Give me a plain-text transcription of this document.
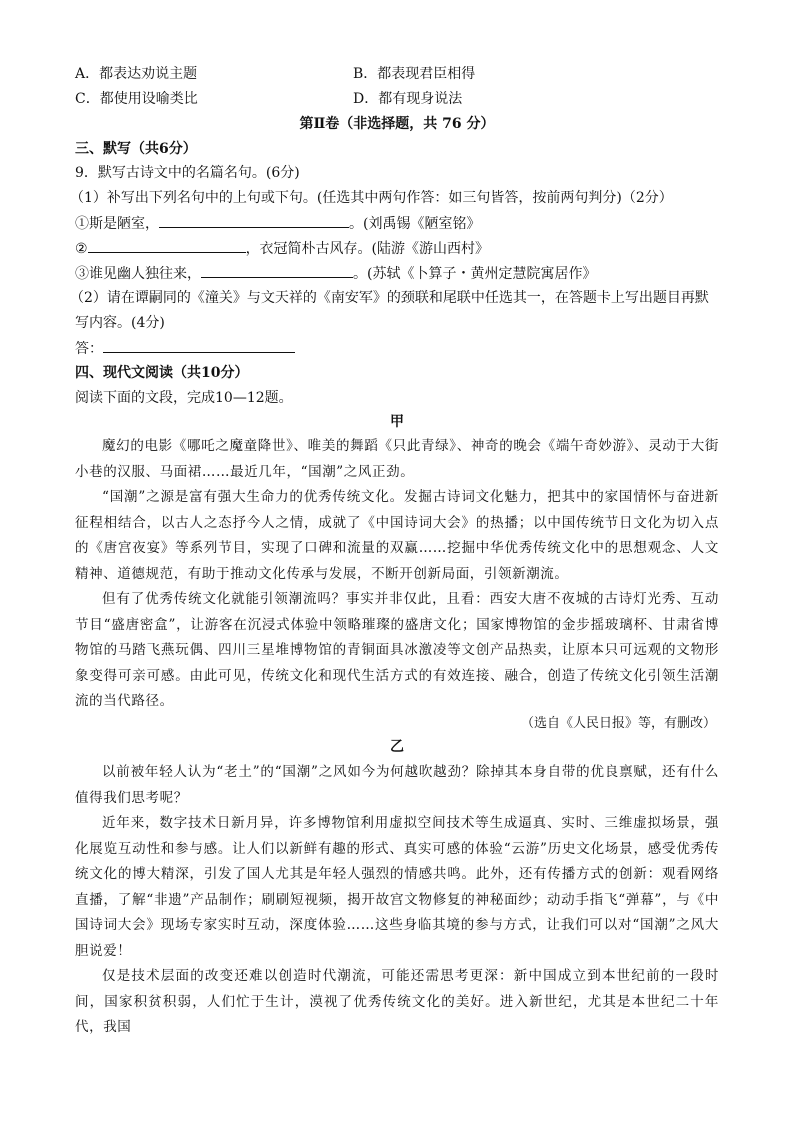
A．都表达劝说主题	B．都表现君臣相得
C．都使用设喻类比	D．都有现身说法
第Ⅱ卷（非选择题，共 76 分）
三、默写（共6分）
9．默写古诗文中的名篇名句。(6分)
（1）补写出下列名句中的上句或下句。(任选其中两句作答：如三句皆答，按前两句判分)（2分）
①斯是陋室，	。(刘禹锡《陋室铭》
②	，衣冠简朴古风存。(陆游《游山西村》
③谁见幽人独往来，	。(苏轼《卜算子・黄州定慧院寓居作》
（2）请在谭嗣同的《潼关》与文天祥的《南安军》的颈联和尾联中任选其一，在答题卡上写出题目再默
写内容。(4分)
答：
四、现代文阅读（共10分）
阅读下面的文段，完成10—12题。
甲
魔幻的电影《哪吒之魔童降世》、唯美的舞蹈《只此青绿》、神奇的晚会《端午奇妙游》、灵动于大街小巷的汉服、马面裙……最近几年，“国潮”之风正劲。
“国潮”之源是富有强大生命力的优秀传统文化。发掘古诗词文化魅力，把其中的家国情怀与奋进新征程相结合，以古人之态抒今人之情，成就了《中国诗词大会》的热播；以中国传统节日文化为切入点的《唐宫夜宴》等系列节目，实现了口碑和流量的双赢……挖掘中华优秀传统文化中的思想观念、人文精神、道德规范，有助于推动文化传承与发展，不断开创新局面，引领新潮流。
但有了优秀传统文化就能引领潮流吗？事实并非仅此，且看：西安大唐不夜城的古诗灯光秀、互动节目“盛唐密盒”，让游客在沉浸式体验中领略璀璨的盛唐文化；国家博物馆的金步摇玻璃杯、甘肃省博物馆的马踏飞燕玩偶、四川三星堆博物馆的青铜面具冰激凌等文创产品热卖，让原本只可远观的文物形象变得可亲可感。由此可见，传统文化和现代生活方式的有效连接、融合，创造了传统文化引领生活潮流的当代路径。
（选自《人民日报》等，有删改）
乙
以前被年轻人认为“老土”的“国潮”之风如今为何越吹越劲？除掉其本身自带的优良禀赋，还有什么值得我们思考呢？
近年来，数字技术日新月异，许多博物馆利用虚拟空间技术等生成逼真、实时、三维虚拟场景，强化展览互动性和参与感。让人们以新鲜有趣的形式、真实可感的体验“云游”历史文化场景，感受优秀传统文化的博大精深，引发了国人尤其是年轻人强烈的情感共鸣。此外，还有传播方式的创新：观看网络直播，了解“非遗”产品制作；刷刷短视频，揭开故宫文物修复的神秘面纱；动动手指飞“弹幕”，与《中国诗词大会》现场专家实时互动，深度体验……这些身临其境的参与方式，让我们可以对“国潮”之风大胆说爱！
仅是技术层面的改变还难以创造时代潮流，可能还需思考更深：新中国成立到本世纪前的一段时间，国家积贫积弱，人们忙于生计，漠视了优秀传统文化的美好。进入新世纪，尤其是本世纪二十年代，我国
